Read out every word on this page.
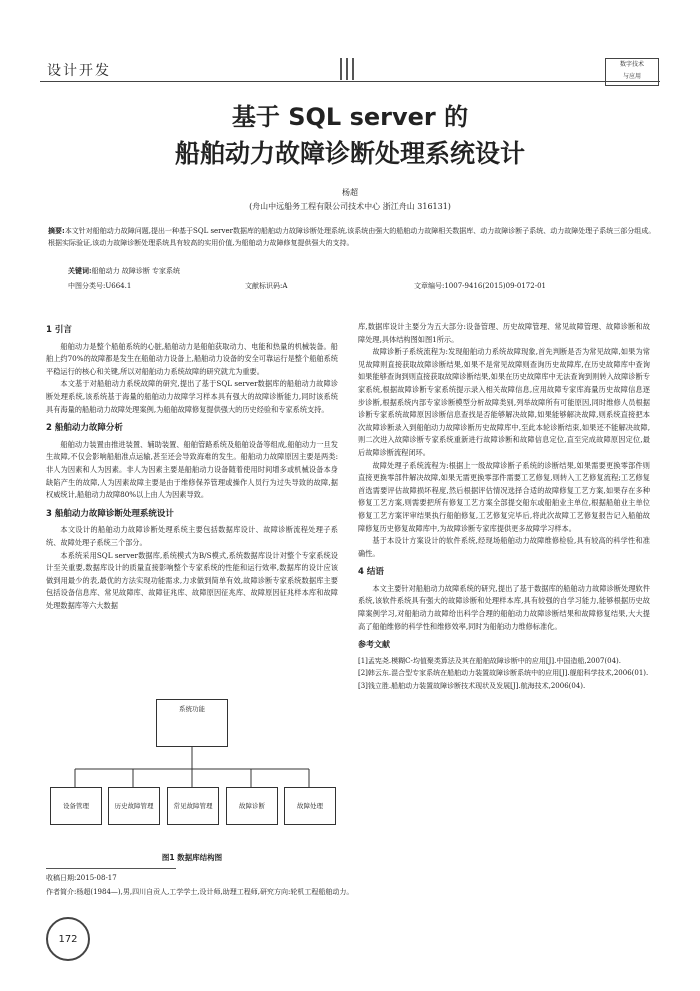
设计开发	数字技术
与应用
基于 SQL server 的
船舶动力故障诊断处理系统设计
杨超
(舟山中远船务工程有限公司技术中心 浙江舟山 316131)
摘要:本文针对船舶动力故障问题,提出一种基于SQL server数据库的船舶动力故障诊断处理系统,该系统由强大的船舶动力故障相关数据库、动力故障诊断子系统、动力故障处理子系统三部分组成。根据实际验证,该动力故障诊断处理系统具有较高的实用价值,为船舶动力故障修复提供强大的支持。
关键词:船舶动力 故障诊断 专家系统
中图分类号:U664.1	文献标识码:A	文章编号:1007-9416(2015)09-0172-01
1 引言

船舶动力是整个船舶系统的心脏,船舶动力是船舶获取动力、电能和热量的机械装备。船舶上约70%的故障都是发生在船舶动力设备上,船舶动力设备的安全可靠运行是整个船舶系统平稳运行的核心和关键,所以对船舶动力系统故障的研究就尤为重要。

本文基于对船舶动力系统故障的研究,提出了基于SQL server数据库的船舶动力故障诊断处理系统,该系统基于海量的船舶动力故障学习样本具有强大的故障诊断能力,同时该系统具有海量的船舶动力故障处理案例,为船舶故障修复提供强大的历史经验和专家系统支持。

2 船舶动力故障分析

船舶动力装置由推进装置、辅助装置、船舶管路系统及船舶设备等组成,船舶动力一旦发生故障,不仅会影响船舶准点运输,甚至还会导致海难的发生。船舶动力故障原因主要是两类:非人为因素和人为因素。非人为因素主要是船舶动力设备随着使用时间增多或机械设备本身缺陷产生的故障,人为因素故障主要是由于维修保养管理或操作人员行为过失导致的故障,据权威统计,船舶动力故障80%以上由人为因素导致。

3 船舶动力故障诊断处理系统设计

本文设计的船舶动力故障诊断处理系统主要包括数据库设计、故障诊断流程处理子系统、故障处理子系统三个部分。

本系统采用SQL server数据库,系统模式为B/S模式,系统数据库设计对整个专家系统设计至关重要,数据库设计的质量直接影响整个专家系统的性能和运行效率,数据库的设计应该做到用最少的表,最优的方法实现功能需求,力求做到简单有效,故障诊断专家系统数据库主要包括设备信息库、常见故障库、故障征兆库、故障原因征兆库、故障原因征兆样本库和故障处理数据库等六大数据

系统功能
设备管理	历史故障管理	常见故障管理	故障诊断	故障处理
图1 数据库结构图

库,数据库设计主要分为五大部分:设备管理、历史故障管理、常见故障管理、故障诊断和故障处理,具体结构图如图1所示。

故障诊断子系统流程为:发现船舶动力系统故障现象,首先判断是否为常见故障,如果为常见故障则直接获取故障诊断结果,如果不是常见故障则查询历史故障库,在历史故障库中查询如果能够查询到则直接获取故障诊断结果,如果在历史故障库中无法查询到则转入故障诊断专家系统,根据故障诊断专家系统提示录入相关故障信息,应用故障专家库海量历史故障信息逐步诊断,根据系统内部专家诊断模型分析故障类别,列举故障所有可能原因,同时维修人员根据诊断专家系统故障原因诊断信息查找是否能够解决故障,如果能够解决故障,则系统直接把本次故障诊断录入到船舶动力故障诊断历史故障库中,至此本轮诊断结束,如果还不能解决故障,则二次进入故障诊断专家系统重新进行故障诊断和故障信息定位,直至完成故障原因定位,最后故障诊断流程闭环。

故障处理子系统流程为:根据上一级故障诊断子系统的诊断结果,如果需要更换零部件则直接更换零部件解决故障,如果无需更换零部件需要工艺修复,则转入工艺修复流程;工艺修复首选需要评估故障损坏程度,然后根据评估情况选择合适的故障修复工艺方案,如果存在多种修复工艺方案,则需要把所有修复工艺方案全部提交船东或船舶业主单位,根据船舶业主单位修复工艺方案评审结果执行船舶修复,工艺修复完毕后,将此次故障工艺修复报告记入船舶故障修复历史修复故障库中,为故障诊断专家库提供更多故障学习样本。

基于本设计方案设计的软件系统,经现场船舶动力故障维修检验,具有较高的科学性和准确性。

4 结语

本文主要针对船舶动力故障系统的研究,提出了基于数据库的船舶动力故障诊断处理软件系统,该软件系统具有强大的故障诊断和处理样本库,具有较强的自学习能力,能够根据历史故障案例学习,对船舶动力故障给出科学合理的船舶动力故障诊断结果和故障修复结果,大大提高了船舶维修的科学性和维修效率,同时为船舶动力维修标准化。

参考文献
[1]孟宪尧.模糊C-均值聚类算法及其在船舶故障诊断中的应用[J].中国造船,2007(04).
[2]韩云东.混合型专家系统在船舶动力装置故障诊断系统中的应用[J].舰船科学技术,2006(01).
[3]钱立胜.船舶动力装置故障诊断技术现状及发展[J].航海技术,2006(04).
收稿日期:2015-08-17
作者简介:杨超(1984—),男,四川自贡人,工学学士,设计师,助理工程师,研究方向:轮机工程船舶动力。
172
